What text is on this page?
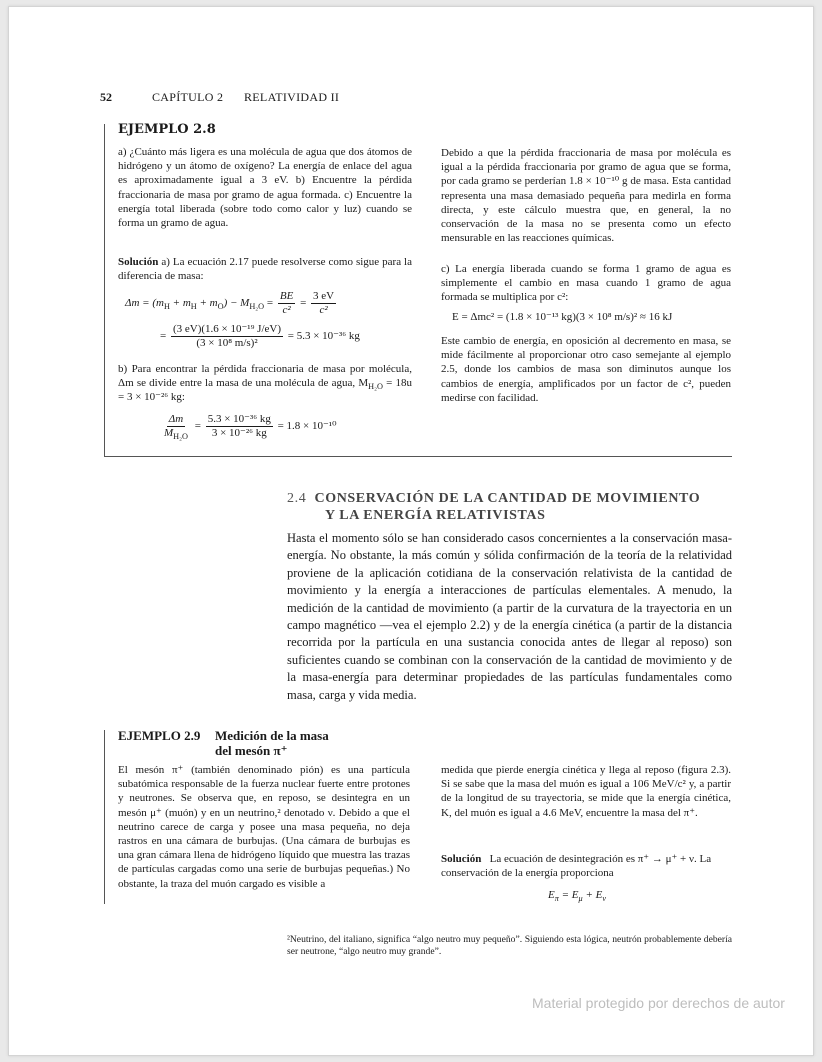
52	CAPÍTULO 2 RELATIVIDAD II
EJEMPLO 2.8

a) ¿Cuánto más ligera es una molécula de agua que dos átomos de hidrógeno y un átomo de oxígeno? La energía de enlace del agua es aproximadamente igual a 3 eV. b) Encuentre la pérdida fraccionaria de masa por gramo de agua formada. c) Encuentre la energía total liberada (sobre todo como calor y luz) cuando se forma un gramo de agua.

Solución a) La ecuación 2.17 puede resolverse como sigue para la diferencia de masa:

$\Delta m = (m_H + m_H + m_O) - M_{H_2O} = \frac{BE}{\text{c²}} = \frac{3 eV}{\text{c²}}$
= $\frac{\text{(3 eV)(1.6 × 10⁻¹⁹ J/eV)}}{\text{(3 × 10⁸ m/s)²}} = 5.3 \times 10^{-36}$ kg

b) Para encontrar la pérdida fraccionaria de masa por molécula, Δm se divide entre la masa de una molécula de agua, $M_{H_2O} = 18u = 3 \times 10^{-26}$ kg:

$\frac{\Delta m}{M_{H_2O}} = \frac{\text{5.3 × 10⁻³⁶ kg}}{\text{3 × 10⁻²⁶ kg}} = 1.8 \times 10^{-10}$

Debido a que la pérdida fraccionaria de masa por molécula es igual a la pérdida fraccionaria por gramo de agua que se forma, por cada gramo se perderían 1.8 × 10⁻¹⁰ g de masa. Esta cantidad representa una masa demasiado pequeña para medirla en forma directa, y este cálculo muestra que, en general, la no conservación de la masa no se presenta como un efecto mensurable en las reacciones químicas.

c) La energía liberada cuando se forma 1 gramo de agua es simplemente el cambio en masa cuando 1 gramo de agua formada se multiplica por c²:

E = Δmc² = (1.8 × 10⁻¹³ kg)(3 × 10⁸ m/s)² ≈ 16 kJ

Este cambio de energía, en oposición al decremento en masa, se mide fácilmente al proporcionar otro caso semejante al ejemplo 2.5, donde los cambios de masa son diminutos aunque los cambios de energía, amplificados por un factor de c², pueden medirse con facilidad.

2.4 CONSERVACIÓN DE LA CANTIDAD DE MOVIMIENTO
Y LA ENERGÍA RELATIVISTAS

Hasta el momento sólo se han considerado casos concernientes a la conservación masa-energía. No obstante, la más común y sólida confirmación de la teoría de la relatividad proviene de la aplicación cotidiana de la conservación relativista de la cantidad de movimiento y la energía a interacciones de partículas elementales. A menudo, la medición de la cantidad de movimiento (a partir de la curvatura de la trayectoria en un campo magnético —vea el ejemplo 2.2) y de la energía cinética (a partir de la distancia recorrida por la partícula en una sustancia conocida antes de llegar al reposo) son suficientes cuando se combinan con la conservación de la cantidad de movimiento y de la masa-energía para determinar propiedades de las partículas fundamentales como masa, carga y vida media.

EJEMPLO 2.9 Medición de la masa
del mesón π⁺

El mesón π⁺ (también denominado pión) es una partícula subatómica responsable de la fuerza nuclear fuerte entre protones y neutrones. Se observa que, en reposo, se desintegra en un mesón μ⁺ (muón) y en un neutrino,² denotado ν. Debido a que el neutrino carece de carga y posee una masa pequeña, no deja rastros en una cámara de burbujas. (Una cámara de burbujas es una gran cámara llena de hidrógeno líquido que muestra las trazas de partículas cargadas como una serie de burbujas pequeñas.) No obstante, la traza del muón cargado es visible a

medida que pierde energía cinética y llega al reposo (figura 2.3). Si se sabe que la masa del muón es igual a 106 MeV/c² y, a partir de la longitud de su trayectoria, se mide que la energía cinética, K, del muón es igual a 4.6 MeV, encuentre la masa del π⁺.

Solución La ecuación de desintegración es π⁺ → μ⁺ + ν. La conservación de la energía proporciona

$E_\pi = E_\mu + E_\nu$

²Neutrino, del italiano, significa “algo neutro muy pequeño”. Siguiendo esta lógica, neutrón probablemente debería ser neutrone, “algo neutro muy grande”.

Material protegido por derechos de autor
